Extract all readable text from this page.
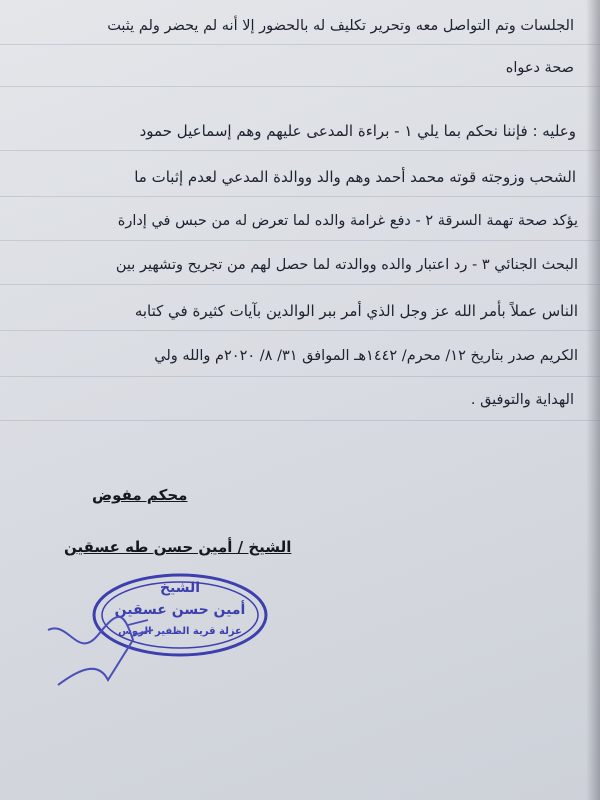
الجلسات وتم التواصل معه وتحرير تكليف له بالحضور إلا أنه لم يحضر ولم يثبت
صحة دعواه
وعليه : فإننا نحكم بما يلي ١ - براءة المدعى عليهم وهم إسماعيل حمود
الشحب وزوجته قوته محمد أحمد وهم والد ووالدة المدعي لعدم إثبات ما
يؤكد صحة تهمة السرقة ٢ - دفع غرامة والده لما تعرض له من حبس في إدارة
البحث الجنائي ٣ - رد اعتبار والده ووالدته لما حصل لهم من تجريح وتشهير بين
الناس عملاً بأمر الله عز وجل الذي أمر ببر الوالدين بآيات كثيرة في كتابه
الكريم صدر بتاريخ ١٢/ محرم/ ١٤٤٢هـ الموافق ٣١/ ٨/ ٢٠٢٠م والله ولي
الهداية والتوفيق .
محكم مفوض
الشيخ / أمين حسن طه عسقين
الشيخ
أمين حسن عسقين
عزلة قرية الظفير الروس
